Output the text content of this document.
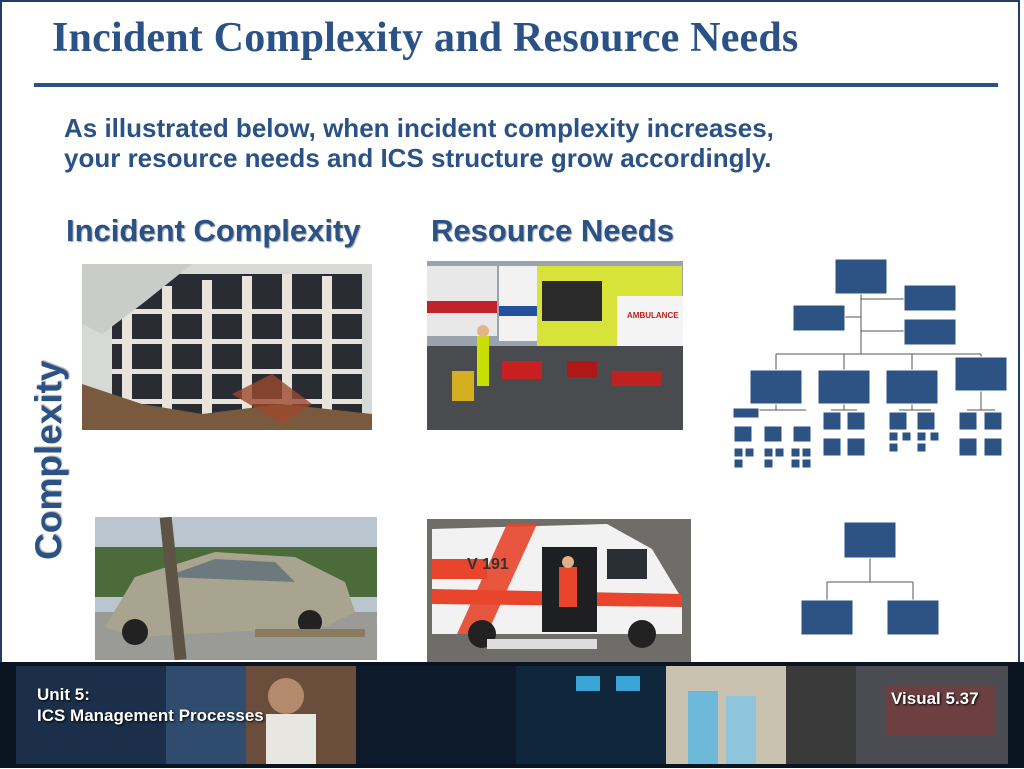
Incident Complexity and Resource Needs
As illustrated below, when incident complexity increases,
your resource needs and ICS structure grow accordingly.
Incident Complexity Resource Needs
Complexity
AMBULANCE
V 191
Unit 5:
ICS Management Processes
Visual 5.37
